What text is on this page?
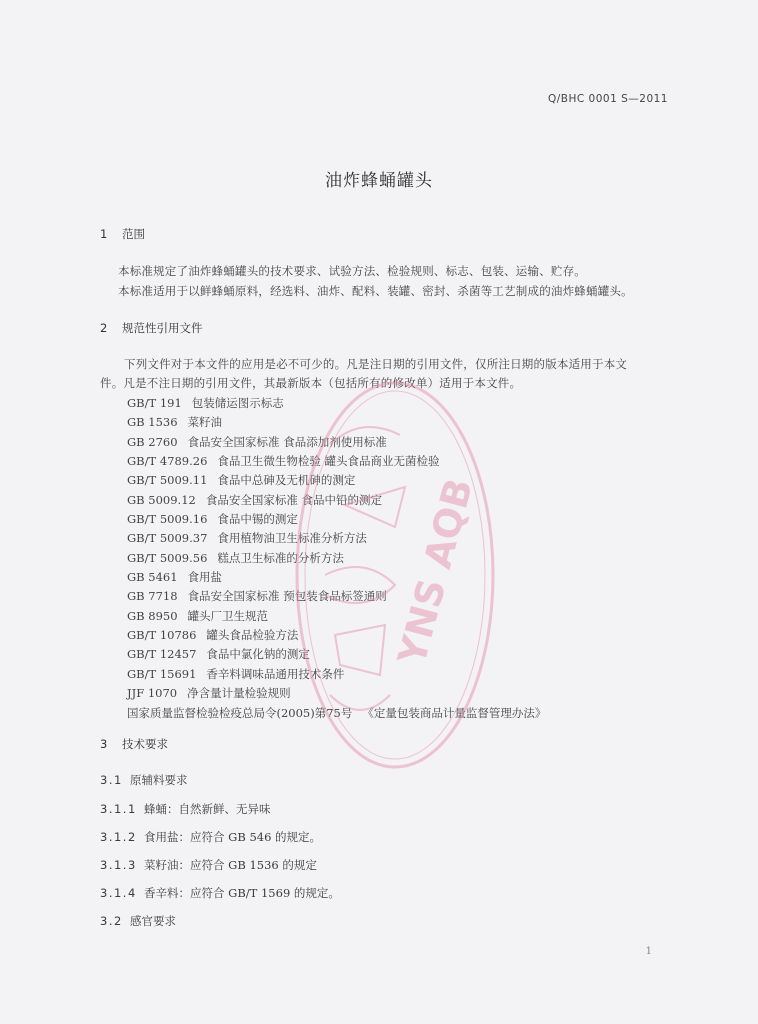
Q/BHC 0001 S—2011
油炸蜂蛹罐头
1 范围
本标准规定了油炸蜂蛹罐头的技术要求、试验方法、检验规则、标志、包装、运输、贮存。
本标准适用于以鲜蜂蛹原料，经选料、油炸、配料、装罐、密封、杀菌等工艺制成的油炸蜂蛹罐头。
2 规范性引用文件
下列文件对于本文件的应用是必不可少的。凡是注日期的引用文件，仅所注日期的版本适用于本文
件。凡是不注日期的引用文件，其最新版本（包括所有的修改单）适用于本文件。
GB/T 191 包装储运图示标志
GB 1536 菜籽油
GB 2760 食品安全国家标准 食品添加剂使用标准
GB/T 4789.26 食品卫生微生物检验 罐头食品商业无菌检验
GB/T 5009.11 食品中总砷及无机砷的测定
GB 5009.12 食品安全国家标准 食品中铅的测定
GB/T 5009.16 食品中锡的测定
GB/T 5009.37 食用植物油卫生标准分析方法
GB/T 5009.56 糕点卫生标准的分析方法
GB 5461 食用盐
GB 7718 食品安全国家标准 预包装食品标签通则
GB 8950 罐头厂卫生规范
GB/T 10786 罐头食品检验方法
GB/T 12457 食品中氯化钠的测定
GB/T 15691 香辛料调味品通用技术条件
JJF 1070 净含量计量检验规则
国家质量监督检验检疫总局令(2005)第75号 《定量包装商品计量监督管理办法》
3 技术要求
3.1 原辅料要求
3.1.1 蜂蛹：自然新鲜、无异味
3.1.2 食用盐：应符合 GB 546 的规定。
3.1.3 菜籽油：应符合 GB 1536 的规定
3.1.4 香辛料：应符合 GB/T 1569 的规定。
3.2 感官要求
1
YNS AQB
